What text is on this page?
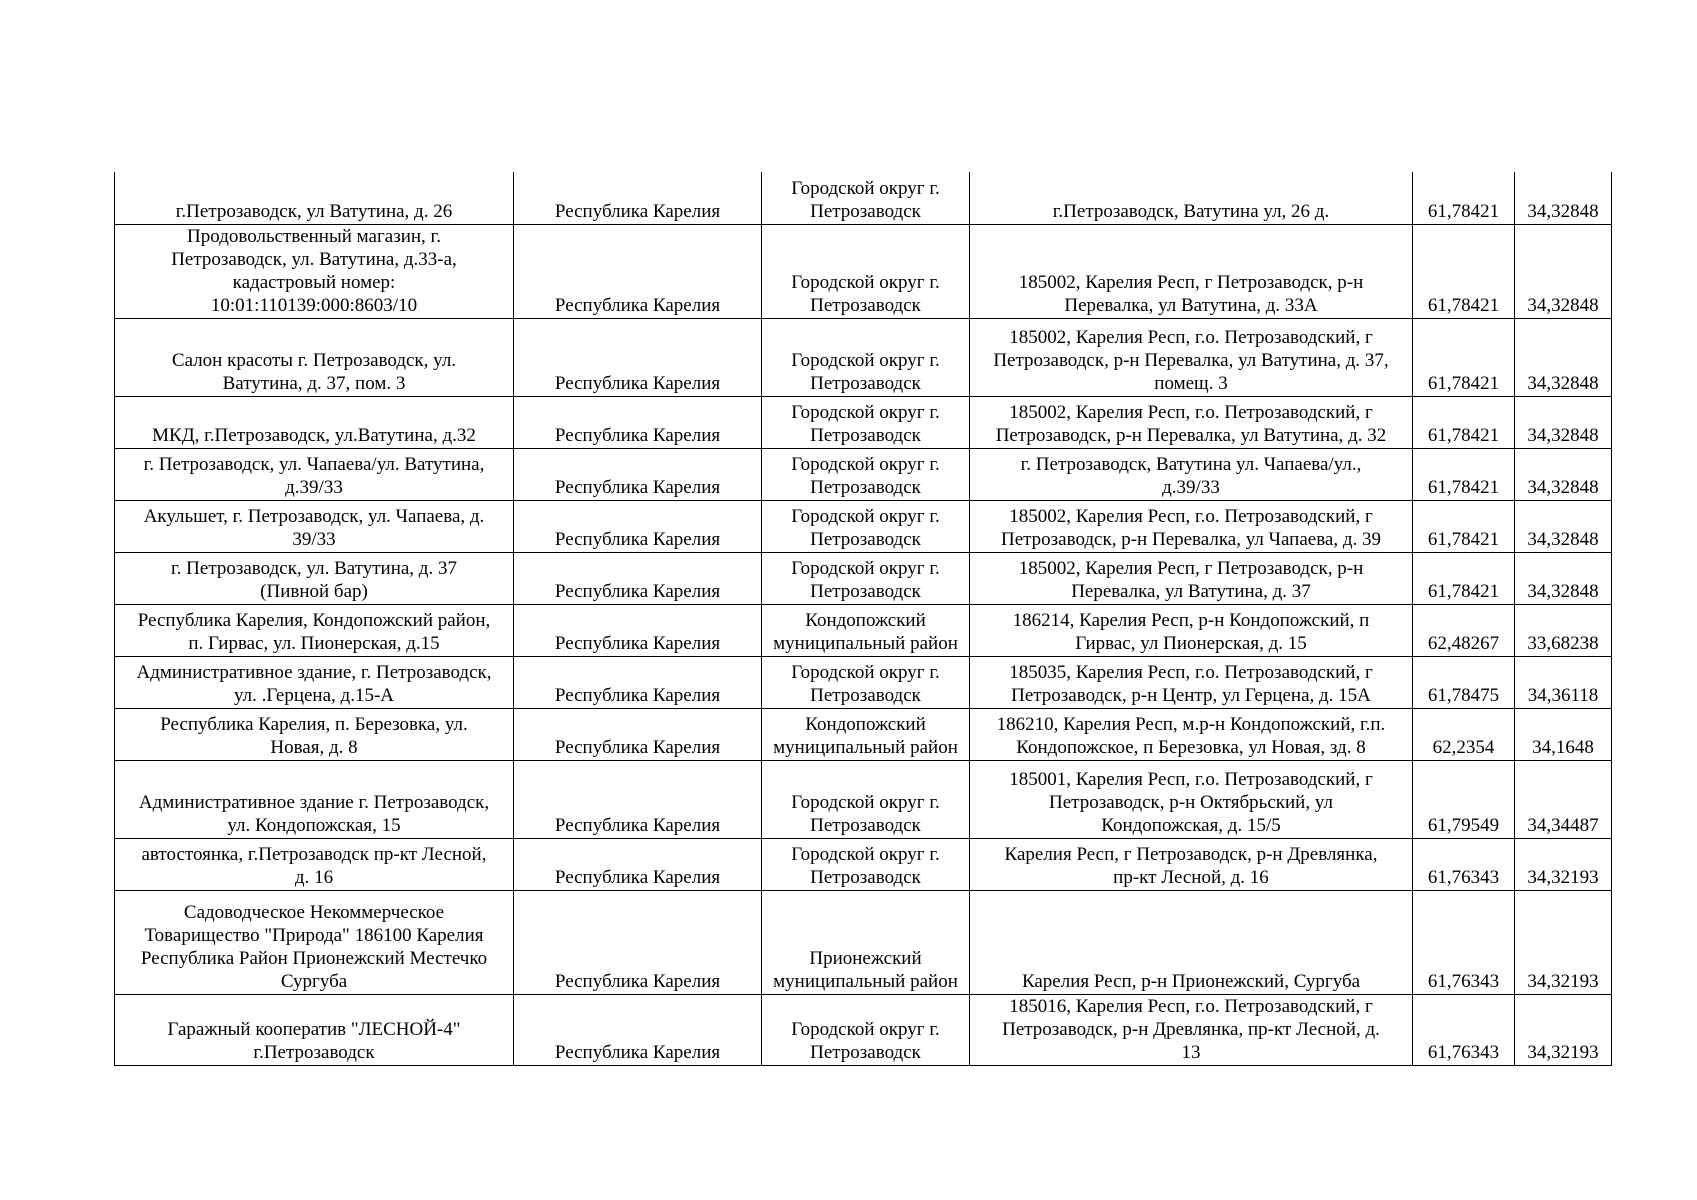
г.Петрозаводск, ул Ватутина, д. 26	Республика Карелия	Городской округ г.
Петрозаводск	г.Петрозаводск, Ватутина ул, 26 д.	61,78421	34,32848
Продовольственный магазин, г.
Петрозаводск, ул. Ватутина, д.33-а,
кадастровый номер:
10:01:110139:000:8603/10	Республика Карелия	Городской округ г.
Петрозаводск	185002, Карелия Респ, г Петрозаводск, р-н
Перевалка, ул Ватутина, д. 33А	61,78421	34,32848
Салон красоты г. Петрозаводск, ул.
Ватутина, д. 37, пом. 3	Республика Карелия	Городской округ г.
Петрозаводск	185002, Карелия Респ, г.о. Петрозаводский, г
Петрозаводск, р-н Перевалка, ул Ватутина, д. 37,
помещ. 3	61,78421	34,32848
МКД, г.Петрозаводск, ул.Ватутина, д.32	Республика Карелия	Городской округ г.
Петрозаводск	185002, Карелия Респ, г.о. Петрозаводский, г
Петрозаводск, р-н Перевалка, ул Ватутина, д. 32	61,78421	34,32848
г. Петрозаводск, ул. Чапаева/ул. Ватутина,
д.39/33	Республика Карелия	Городской округ г.
Петрозаводск	г. Петрозаводск, Ватутина ул. Чапаева/ул.,
д.39/33	61,78421	34,32848
Акульшет, г. Петрозаводск, ул. Чапаева, д.
39/33	Республика Карелия	Городской округ г.
Петрозаводск	185002, Карелия Респ, г.о. Петрозаводский, г
Петрозаводск, р-н Перевалка, ул Чапаева, д. 39	61,78421	34,32848
г. Петрозаводск, ул. Ватутина, д. 37
(Пивной бар)	Республика Карелия	Городской округ г.
Петрозаводск	185002, Карелия Респ, г Петрозаводск, р-н
Перевалка, ул Ватутина, д. 37	61,78421	34,32848
Республика Карелия, Кондопожский район,
п. Гирвас, ул. Пионерская, д.15	Республика Карелия	Кондопожский
муниципальный район	186214, Карелия Респ, р-н Кондопожский, п
Гирвас, ул Пионерская, д. 15	62,48267	33,68238
Административное здание, г. Петрозаводск,
ул. .Герцена, д.15-А	Республика Карелия	Городской округ г.
Петрозаводск	185035, Карелия Респ, г.о. Петрозаводский, г
Петрозаводск, р-н Центр, ул Герцена, д. 15А	61,78475	34,36118
Республика Карелия, п. Березовка, ул.
Новая, д. 8	Республика Карелия	Кондопожский
муниципальный район	186210, Карелия Респ, м.р-н Кондопожский, г.п.
Кондопожское, п Березовка, ул Новая, зд. 8	62,2354	34,1648
Административное здание г. Петрозаводск,
ул. Кондопожская, 15	Республика Карелия	Городской округ г.
Петрозаводск	185001, Карелия Респ, г.о. Петрозаводский, г
Петрозаводск, р-н Октябрьский, ул
Кондопожская, д. 15/5	61,79549	34,34487
автостоянка, г.Петрозаводск пр-кт Лесной,
д. 16	Республика Карелия	Городской округ г.
Петрозаводск	Карелия Респ, г Петрозаводск, р-н Древлянка,
пр-кт Лесной, д. 16	61,76343	34,32193
Садоводческое Некоммерческое
Товарищество "Природа" 186100 Карелия
Республика Район Прионежский Местечко
Сургуба	Республика Карелия	Прионежский
муниципальный район	Карелия Респ, р-н Прионежский, Сургуба	61,76343	34,32193
Гаражный кооператив "ЛЕСНОЙ-4"
г.Петрозаводск	Республика Карелия	Городской округ г.
Петрозаводск	185016, Карелия Респ, г.о. Петрозаводский, г
Петрозаводск, р-н Древлянка, пр-кт Лесной, д.
13	61,76343	34,32193
